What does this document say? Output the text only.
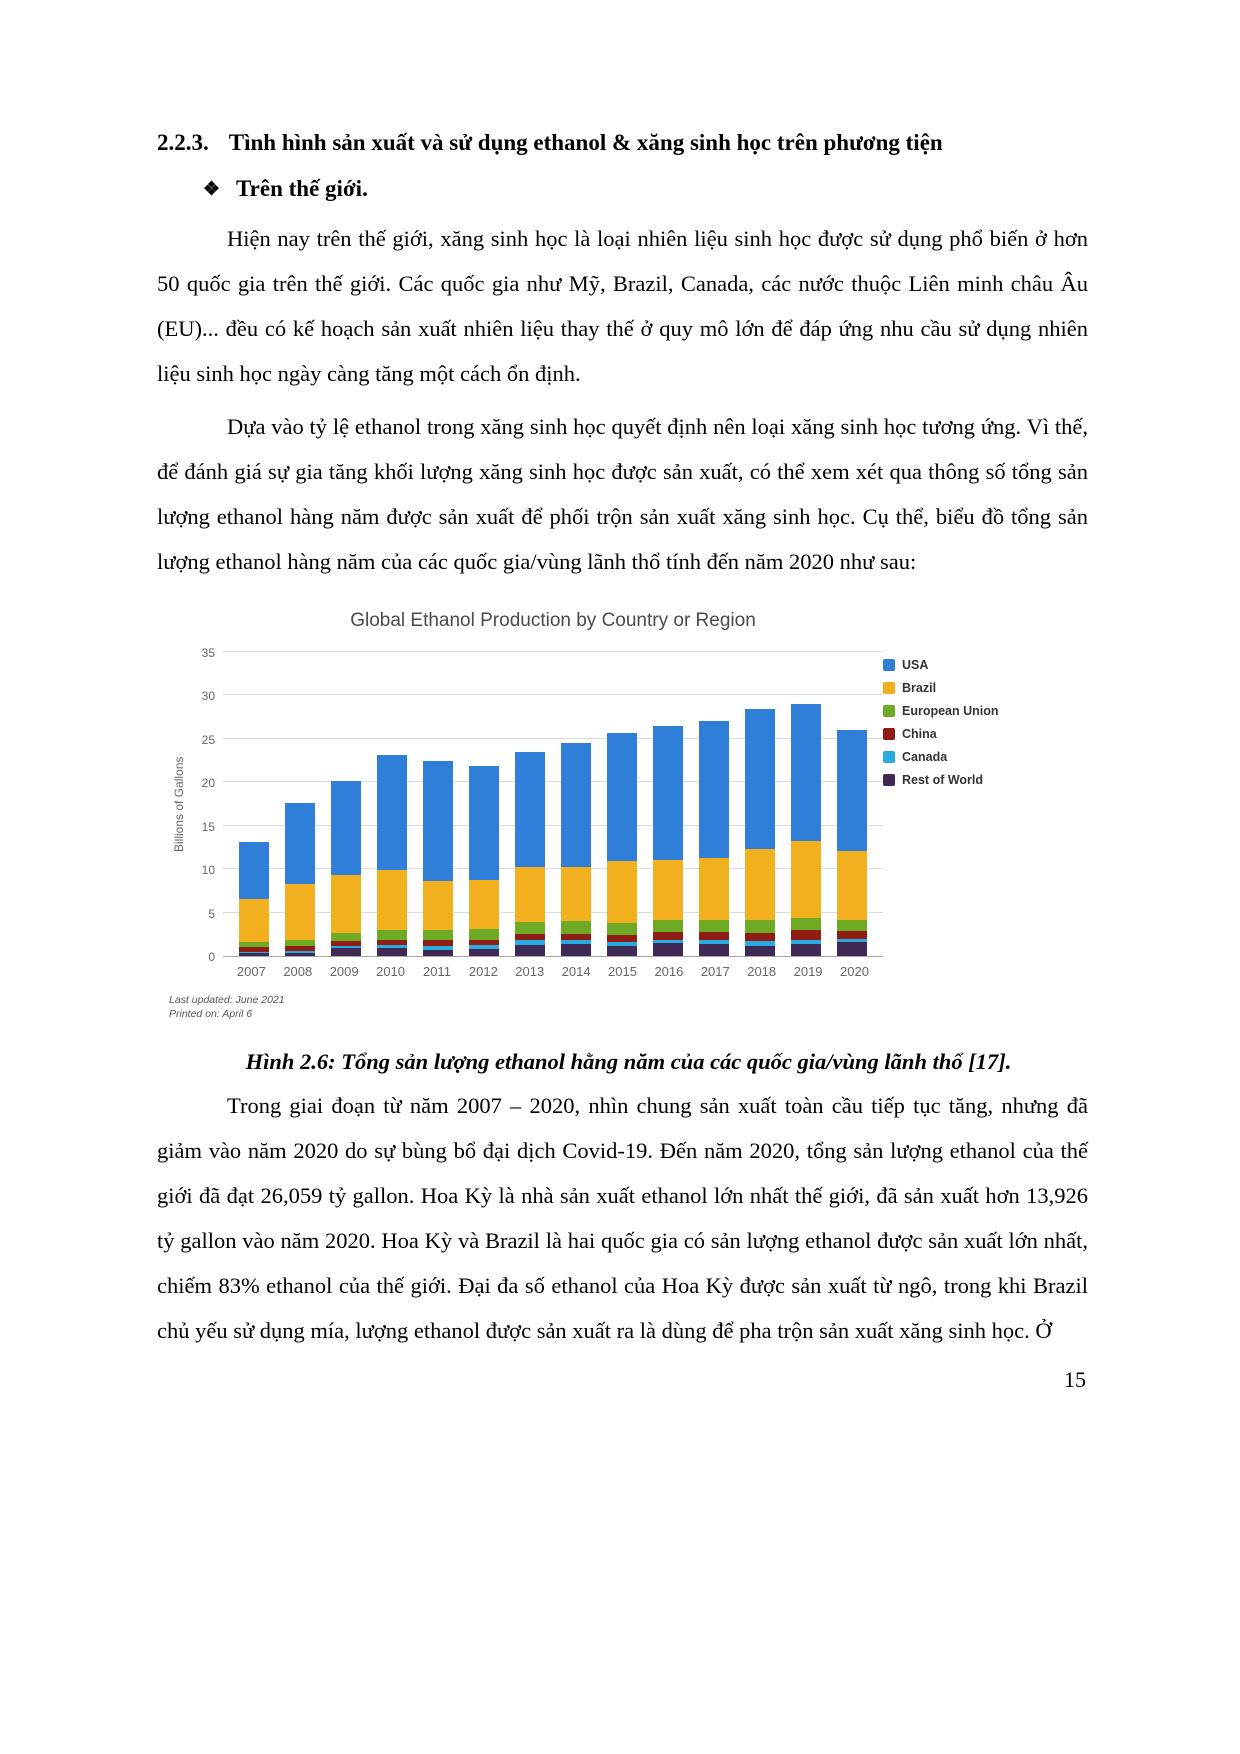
2.2.3. Tình hình sản xuất và sử dụng ethanol & xăng sinh học trên phương tiện
❖ Trên thế giới.

Hiện nay trên thế giới, xăng sinh học là loại nhiên liệu sinh học được sử dụng phổ biến ở hơn 50 quốc gia trên thế giới. Các quốc gia như Mỹ, Brazil, Canada, các nước thuộc Liên minh châu Âu (EU)... đều có kế hoạch sản xuất nhiên liệu thay thế ở quy mô lớn để đáp ứng nhu cầu sử dụng nhiên liệu sinh học ngày càng tăng một cách ổn định.

Dựa vào tỷ lệ ethanol trong xăng sinh học quyết định nên loại xăng sinh học tương ứng. Vì thế, để đánh giá sự gia tăng khối lượng xăng sinh học được sản xuất, có thể xem xét qua thông số tổng sản lượng ethanol hàng năm được sản xuất để phối trộn sản xuất xăng sinh học. Cụ thể, biểu đồ tổng sản lượng ethanol hàng năm của các quốc gia/vùng lãnh thổ tính đến năm 2020 như sau:

Global Ethanol Production by Country or Region
Billions of Gallons
0
5
10
15
20
25
30
35
2007 2008 2009 2010	2011	2012 2013 2014 2015 2016 2017 2018 2019 2020
Last updated: June 2021
Printed on: April 6
USA
Brazil
European Union
China
Canada
Rest of World
Hình 2.6: Tổng sản lượng ethanol hằng năm của các quốc gia/vùng lãnh thổ [17].

Trong giai đoạn từ năm 2007 – 2020, nhìn chung sản xuất toàn cầu tiếp tục tăng, nhưng đã giảm vào năm 2020 do sự bùng bổ đại dịch Covid-19. Đến năm 2020, tổng sản lượng ethanol của thế giới đã đạt 26,059 tỷ gallon. Hoa Kỳ là nhà sản xuất ethanol lớn nhất thế giới, đã sản xuất hơn 13,926 tỷ gallon vào năm 2020. Hoa Kỳ và Brazil là hai quốc gia có sản lượng ethanol được sản xuất lớn nhất, chiếm 83% ethanol của thế giới. Đại đa số ethanol của Hoa Kỳ được sản xuất từ ngô, trong khi Brazil chủ yếu sử dụng mía, lượng ethanol được sản xuất ra là dùng để pha trộn sản xuất xăng sinh học. Ở

15
